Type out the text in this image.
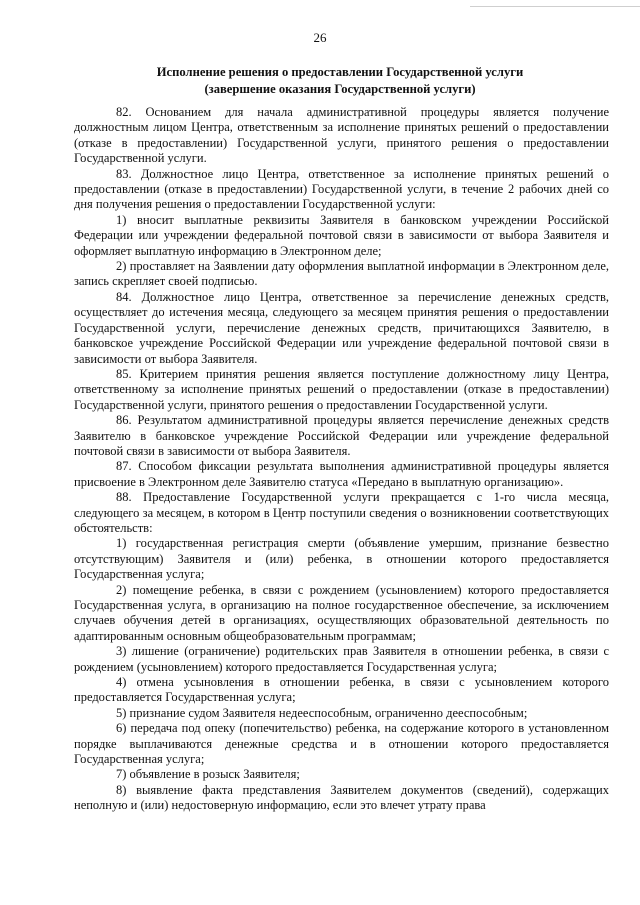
26
Исполнение решения о предоставлении Государственной услуги
(завершение оказания Государственной услуги)

82. Основанием для начала административной процедуры является получение должностным лицом Центра, ответственным за исполнение принятых решений о предоставлении (отказе в предоставлении) Государственной услуги, принятого решения о предоставлении Государственной услуги.

83. Должностное лицо Центра, ответственное за исполнение принятых решений о предоставлении (отказе в предоставлении) Государственной услуги, в течение 2 рабочих дней со дня получения решения о предоставлении Государственной услуги:

1) вносит выплатные реквизиты Заявителя в банковском учреждении Российской Федерации или учреждении федеральной почтовой связи в зависимости от выбора Заявителя и оформляет выплатную информацию в Электронном деле;

2) проставляет на Заявлении дату оформления выплатной информации в Электронном деле, запись скрепляет своей подписью.

84. Должностное лицо Центра, ответственное за перечисление денежных средств, осуществляет до истечения месяца, следующего за месяцем принятия решения о предоставлении Государственной услуги, перечисление денежных средств, причитающихся Заявителю, в банковское учреждение Российской Федерации или учреждение федеральной почтовой связи в зависимости от выбора Заявителя.

85. Критерием принятия решения является поступление должностному лицу Центра, ответственному за исполнение принятых решений о предоставлении (отказе в предоставлении) Государственной услуги, принятого решения о предоставлении Государственной услуги.

86. Результатом административной процедуры является перечисление денежных средств Заявителю в банковское учреждение Российской Федерации или учреждение федеральной почтовой связи в зависимости от выбора Заявителя.

87. Способом фиксации результата выполнения административной процедуры является присвоение в Электронном деле Заявителю статуса «Передано в выплатную организацию».

88. Предоставление Государственной услуги прекращается с 1-го числа месяца, следующего за месяцем, в котором в Центр поступили сведения о возникновении соответствующих обстоятельств:

1) государственная регистрация смерти (объявление умершим, признание безвестно отсутствующим) Заявителя и (или) ребенка, в отношении которого предоставляется Государственная услуга;

2) помещение ребенка, в связи с рождением (усыновлением) которого предоставляется Государственная услуга, в организацию на полное государственное обеспечение, за исключением случаев обучения детей в организациях, осуществляющих образовательной деятельность по адаптированным основным общеобразовательным программам;

3) лишение (ограничение) родительских прав Заявителя в отношении ребенка, в связи с рождением (усыновлением) которого предоставляется Государственная услуга;

4) отмена усыновления в отношении ребенка, в связи с усыновлением которого предоставляется Государственная услуга;

5) признание судом Заявителя недееспособным, ограниченно дееспособным;

6) передача под опеку (попечительство) ребенка, на содержание которого в установленном порядке выплачиваются денежные средства и в отношении которого предоставляется Государственная услуга;

7) объявление в розыск Заявителя;

8) выявление факта представления Заявителем документов (сведений), содержащих неполную и (или) недостоверную информацию, если это влечет утрату права
